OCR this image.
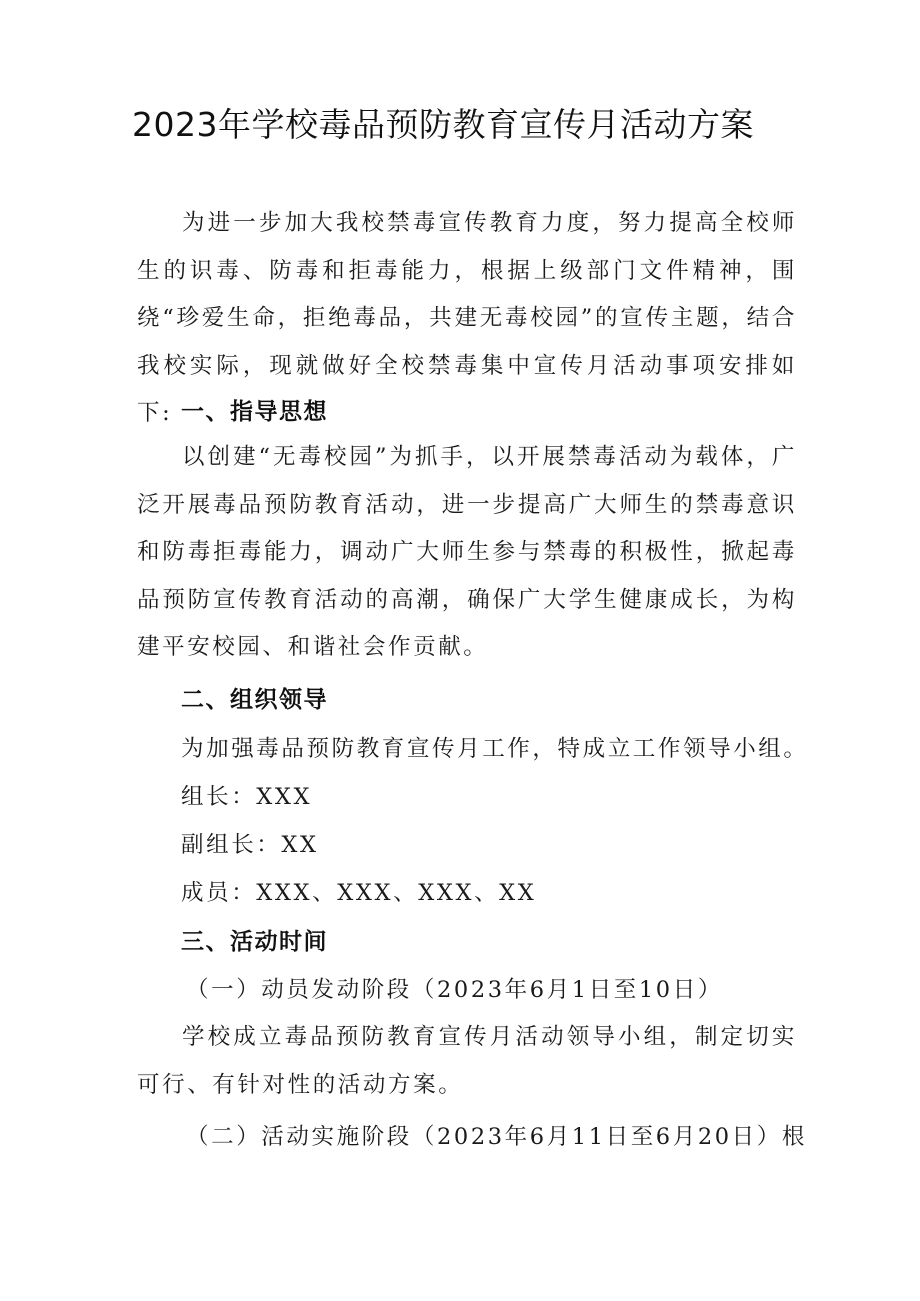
2023年学校毒品预防教育宣传月活动方案

为进一步加大我校禁毒宣传教育力度，努力提高全校师生的识毒、防毒和拒毒能力，根据上级部门文件精神，围绕“珍爱生命，拒绝毒品，共建无毒校园”的宣传主题，结合我校实际，现就做好全校禁毒集中宣传月活动事项安排如下: 一、指导思想

以创建“无毒校园”为抓手，以开展禁毒活动为载体，广泛开展毒品预防教育活动，进一步提高广大师生的禁毒意识和防毒拒毒能力，调动广大师生参与禁毒的积极性，掀起毒品预防宣传教育活动的高潮，确保广大学生健康成长，为构建平安校园、和谐社会作贡献。

二、组织领导

为加强毒品预防教育宣传月工作，特成立工作领导小组。

组长：XXX

副组长：XX

成员：XXX、XXX、XXX、XX

三、活动时间

（一）动员发动阶段（2023年6月1日至10日）

学校成立毒品预防教育宣传月活动领导小组，制定切实可行、有针对性的活动方案。

（二）活动实施阶段（2023年6月11日至6月20日）根
